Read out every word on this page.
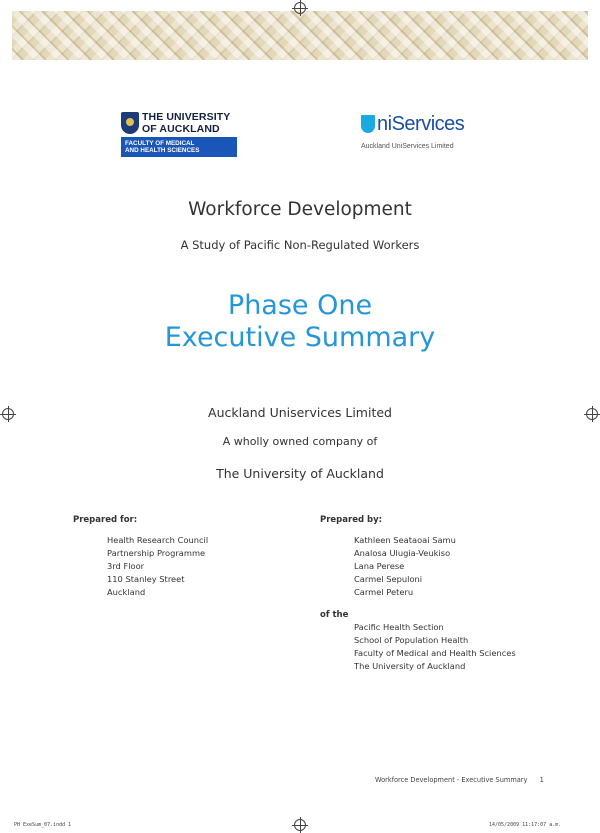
THE UNIVERSITY
OF AUCKLAND
FACULTY OF MEDICAL
AND HEALTH SCIENCES
niServices
Auckland UniServices Limited
Workforce Development
A Study of Pacific Non-Regulated Workers
Phase One
Executive Summary
Auckland Uniservices Limited
A wholly owned company of
The University of Auckland
Prepared for:
Health Research Council
Partnership Programme
3rd Floor
110 Stanley Street
Auckland
Prepared by:
Kathleen Seataoai Samu
Analosa Ulugia-Veukiso
Lana Perese
Carmel Sepuloni
Carmel Peteru
of the
Pacific Health Section
School of Population Health
Faculty of Medical and Health Sciences
The University of Auckland
Workforce Development - Executive Summary 1
PH ExeSum_07.indd 1	14/05/2009 11:17:07 a.m.
